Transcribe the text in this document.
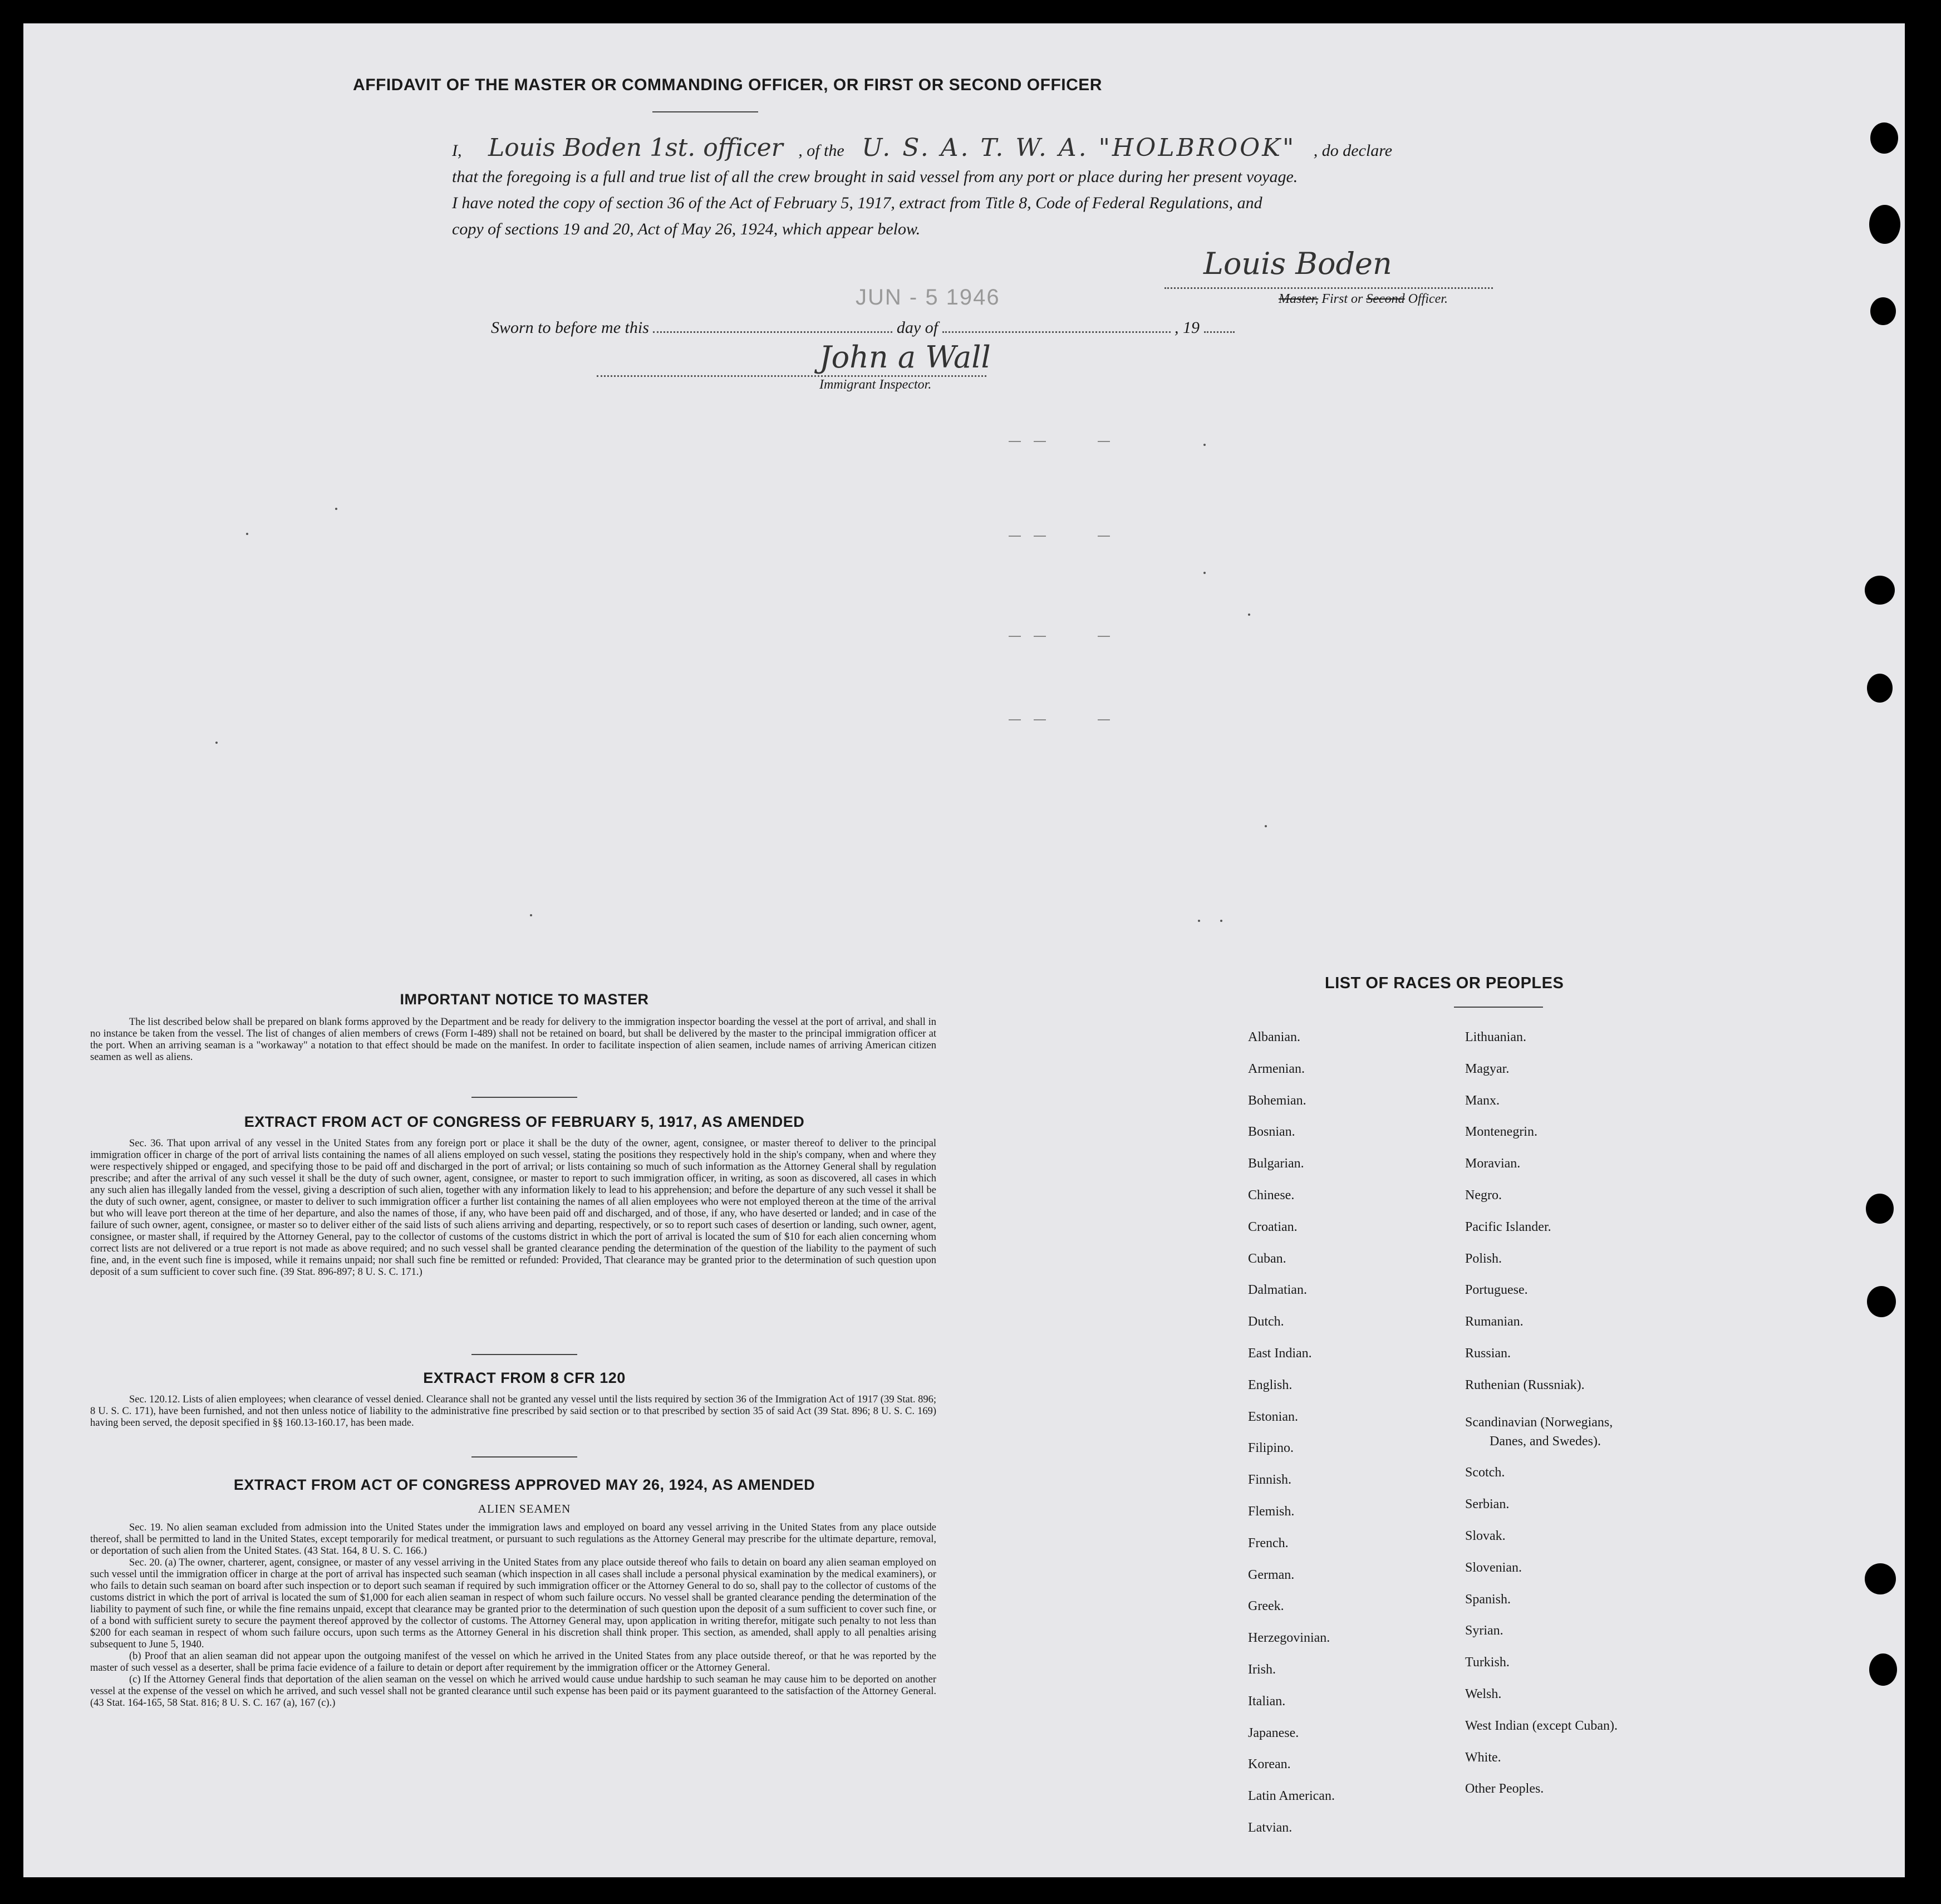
AFFIDAVIT OF THE MASTER OR COMMANDING OFFICER, OR FIRST OR SECOND OFFICER
I, Louis Boden 1st. officer , of the U. S. A. T. W. A. "HOLBROOK" , do declare
that the foregoing is a full and true list of all the crew brought in said vessel from any port or place during her present voyage.
I have noted the copy of section 36 of the Act of February 5, 1917, extract from Title 8, Code of Federal Regulations, and
copy of sections 19 and 20, Act of May 26, 1924, which appear below.
Louis Boden
Master, First or Second Officer.
JUN - 5 1946
Sworn to before me this	day of	, 19
John a Wall
Immigrant Inspector.
IMPORTANT NOTICE TO MASTER
The list described below shall be prepared on blank forms approved by the Department and be ready for delivery to the immigration inspector boarding the vessel at the port of arrival, and shall in no instance be taken from the vessel. The list of changes of alien members of crews (Form I-489) shall not be retained on board, but shall be delivered by the master to the principal immigration officer at the port. When an arriving seaman is a "workaway" a notation to that effect should be made on the manifest. In order to facilitate inspection of alien seamen, include names of arriving American citizen seamen as well as aliens.
EXTRACT FROM ACT OF CONGRESS OF FEBRUARY 5, 1917, AS AMENDED
Sec. 36. That upon arrival of any vessel in the United States from any foreign port or place it shall be the duty of the owner, agent, consignee, or master thereof to deliver to the principal immigration officer in charge of the port of arrival lists containing the names of all aliens employed on such vessel, stating the positions they respectively hold in the ship's company, when and where they were respectively shipped or engaged, and specifying those to be paid off and discharged in the port of arrival; or lists containing so much of such information as the Attorney General shall by regulation prescribe; and after the arrival of any such vessel it shall be the duty of such owner, agent, consignee, or master to report to such immigration officer, in writing, as soon as discovered, all cases in which any such alien has illegally landed from the vessel, giving a description of such alien, together with any information likely to lead to his apprehension; and before the departure of any such vessel it shall be the duty of such owner, agent, consignee, or master to deliver to such immigration officer a further list containing the names of all alien employees who were not employed thereon at the time of the arrival but who will leave port thereon at the time of her departure, and also the names of those, if any, who have been paid off and discharged, and of those, if any, who have deserted or landed; and in case of the failure of such owner, agent, consignee, or master so to deliver either of the said lists of such aliens arriving and departing, respectively, or so to report such cases of desertion or landing, such owner, agent, consignee, or master shall, if required by the Attorney General, pay to the collector of customs of the customs district in which the port of arrival is located the sum of $10 for each alien concerning whom correct lists are not delivered or a true report is not made as above required; and no such vessel shall be granted clearance pending the determination of the question of the liability to the payment of such fine, and, in the event such fine is imposed, while it remains unpaid; nor shall such fine be remitted or refunded: Provided, That clearance may be granted prior to the determination of such question upon deposit of a sum sufficient to cover such fine. (39 Stat. 896-897; 8 U. S. C. 171.)
EXTRACT FROM 8 CFR 120
Sec. 120.12. Lists of alien employees; when clearance of vessel denied. Clearance shall not be granted any vessel until the lists required by section 36 of the Immigration Act of 1917 (39 Stat. 896; 8 U. S. C. 171), have been furnished, and not then unless notice of liability to the administrative fine prescribed by said section or to that prescribed by section 35 of said Act (39 Stat. 896; 8 U. S. C. 169) having been served, the deposit specified in §§ 160.13-160.17, has been made.
EXTRACT FROM ACT OF CONGRESS APPROVED MAY 26, 1924, AS AMENDED
ALIEN SEAMEN
Sec. 19. No alien seaman excluded from admission into the United States under the immigration laws and employed on board any vessel arriving in the United States from any place outside thereof, shall be permitted to land in the United States, except temporarily for medical treatment, or pursuant to such regulations as the Attorney General may prescribe for the ultimate departure, removal, or deportation of such alien from the United States. (43 Stat. 164, 8 U. S. C. 166.)
Sec. 20. (a) The owner, charterer, agent, consignee, or master of any vessel arriving in the United States from any place outside thereof who fails to detain on board any alien seaman employed on such vessel until the immigration officer in charge at the port of arrival has inspected such seaman (which inspection in all cases shall include a personal physical examination by the medical examiners), or who fails to detain such seaman on board after such inspection or to deport such seaman if required by such immigration officer or the Attorney General to do so, shall pay to the collector of customs of the customs district in which the port of arrival is located the sum of $1,000 for each alien seaman in respect of whom such failure occurs. No vessel shall be granted clearance pending the determination of the liability to payment of such fine, or while the fine remains unpaid, except that clearance may be granted prior to the determination of such question upon the deposit of a sum sufficient to cover such fine, or of a bond with sufficient surety to secure the payment thereof approved by the collector of customs. The Attorney General may, upon application in writing therefor, mitigate such penalty to not less than $200 for each seaman in respect of whom such failure occurs, upon such terms as the Attorney General in his discretion shall think proper. This section, as amended, shall apply to all penalties arising subsequent to June 5, 1940.
(b) Proof that an alien seaman did not appear upon the outgoing manifest of the vessel on which he arrived in the United States from any place outside thereof, or that he was reported by the master of such vessel as a deserter, shall be prima facie evidence of a failure to detain or deport after requirement by the immigration officer or the Attorney General.
(c) If the Attorney General finds that deportation of the alien seaman on the vessel on which he arrived would cause undue hardship to such seaman he may cause him to be deported on another vessel at the expense of the vessel on which he arrived, and such vessel shall not be granted clearance until such expense has been paid or its payment guaranteed to the satisfaction of the Attorney General. (43 Stat. 164-165, 58 Stat. 816; 8 U. S. C. 167 (a), 167 (c).)
LIST OF RACES OR PEOPLES
Albanian.
Armenian.
Bohemian.
Bosnian.
Bulgarian.
Chinese.
Croatian.
Cuban.
Dalmatian.
Dutch.
East Indian.
English.
Estonian.
Filipino.
Finnish.
Flemish.
French.
German.
Greek.
Herzegovinian.
Irish.
Italian.
Japanese.
Korean.
Latin American.
Latvian.
Lithuanian.
Magyar.
Manx.
Montenegrin.
Moravian.
Negro.
Pacific Islander.
Polish.
Portuguese.
Rumanian.
Russian.
Ruthenian (Russniak).
Scandinavian (Norwegians,
Danes, and Swedes).
Scotch.
Serbian.
Slovak.
Slovenian.
Spanish.
Syrian.
Turkish.
Welsh.
West Indian (except Cuban).
White.
Other Peoples.
